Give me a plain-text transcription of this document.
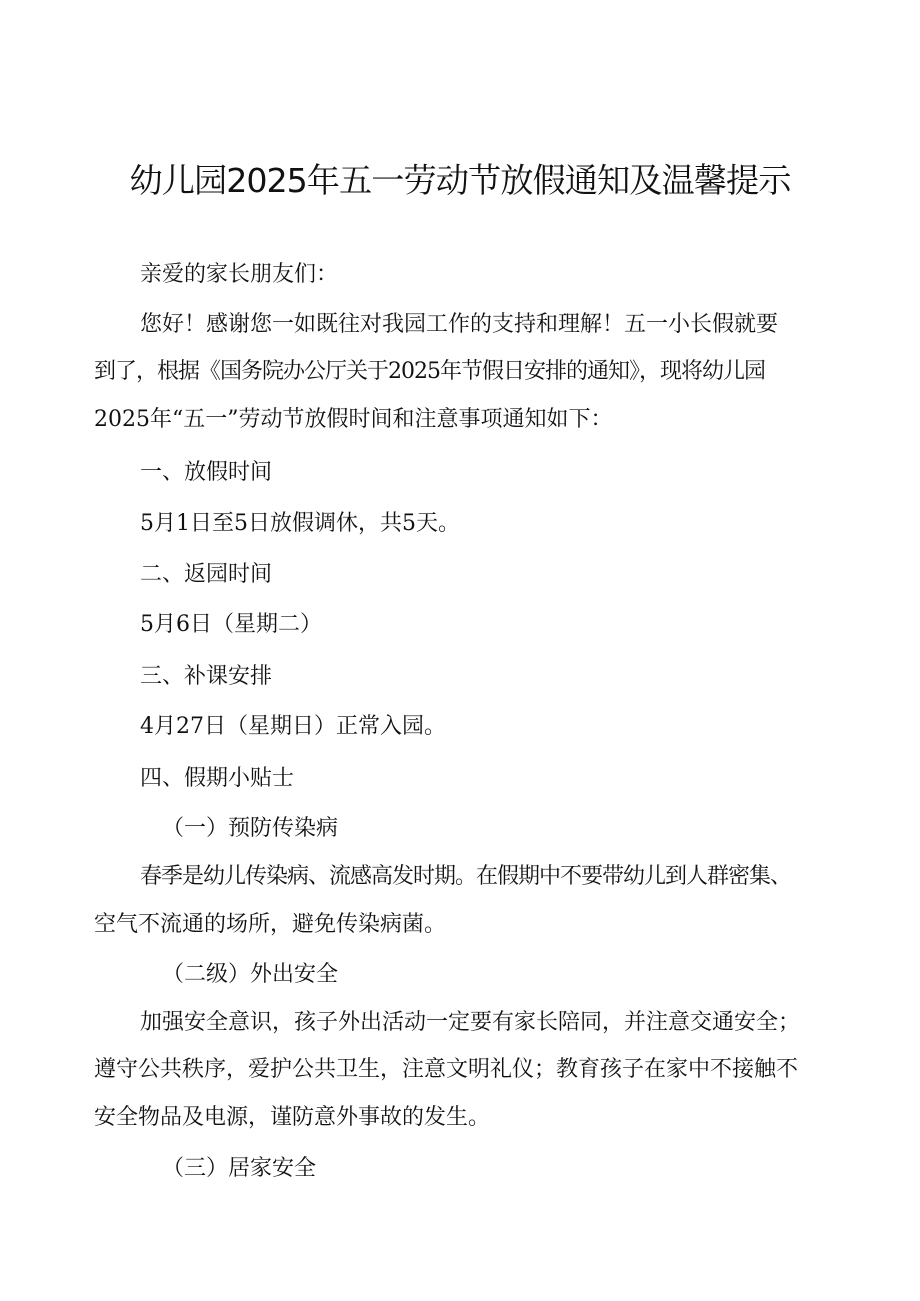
幼儿园2025年五一劳动节放假通知及温馨提示
亲爱的家长朋友们：
您好！感谢您一如既往对我园工作的支持和理解！五一小长假就要
到了，根据《国务院办公厅关于2025年节假日安排的通知》，现将幼儿园
2025年“五一”劳动节放假时间和注意事项通知如下：
一、放假时间
5月1日至5日放假调休，共5天。
二、返园时间
5月6日（星期二）
三、补课安排
4月27日（星期日）正常入园。
四、假期小贴士
（一）预防传染病
春季是幼儿传染病、流感高发时期。在假期中不要带幼儿到人群密集、
空气不流通的场所，避免传染病菌。
（二级）外出安全
加强安全意识，孩子外出活动一定要有家长陪同，并注意交通安全；
遵守公共秩序，爱护公共卫生，注意文明礼仪；教育孩子在家中不接触不
安全物品及电源，谨防意外事故的发生。
（三）居家安全
